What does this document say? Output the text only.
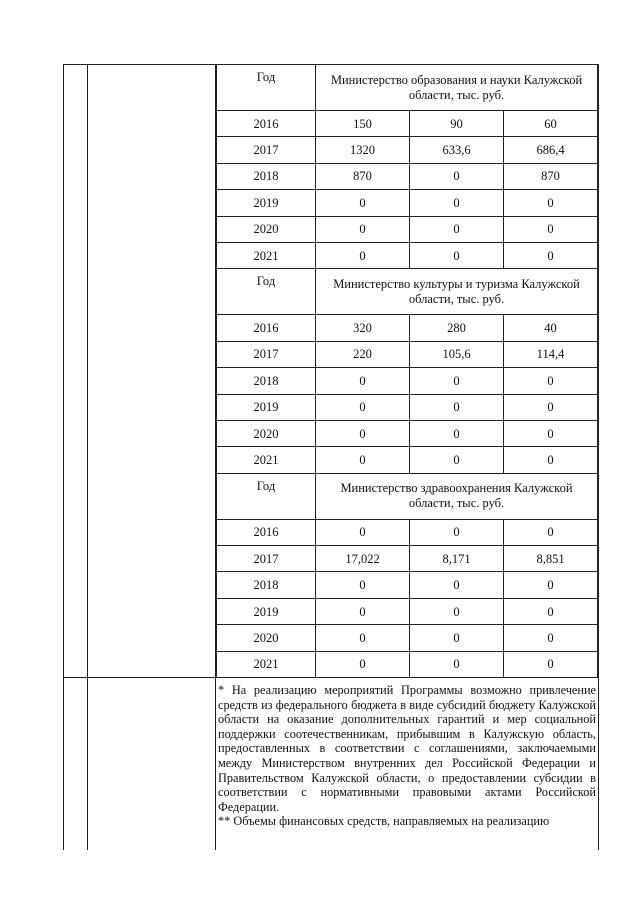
Год	Министерство образования и науки Калужской области, тыс. руб.		
2016	150	90	60
2017	1320	633,6	686,4
2018	870	0	870
2019	0	0	0
2020	0	0	0
2021	0	0	0
Год	Министерство культуры и туризма Калужской области, тыс. руб.		
2016	320	280	40
2017	220	105,6	114,4
2018	0	0	0
2019	0	0	0
2020	0	0	0
2021	0	0	0
Год	Министерство здравоохранения Калужской области, тыс. руб.		
2016	0	0	0
2017	17,022	8,171	8,851
2018	0	0	0
2019	0	0	0
2020	0	0	0
2021	0	0	0

* На реализацию мероприятий Программы возможно привлечение средств из федерального бюджета в виде субсидий бюджету Калужской области на оказание дополнительных гарантий и мер социальной поддержки соотечественникам, прибывшим в Калужскую область, предоставленных в соответствии с соглашениями, заключаемыми между Министерством внутренних дел Российской Федерации и Правительством Калужской области, о предоставлении субсидии в соответствии с нормативными правовыми актами Российской Федерации.

** Объемы финансовых средств, направляемых на реализацию
